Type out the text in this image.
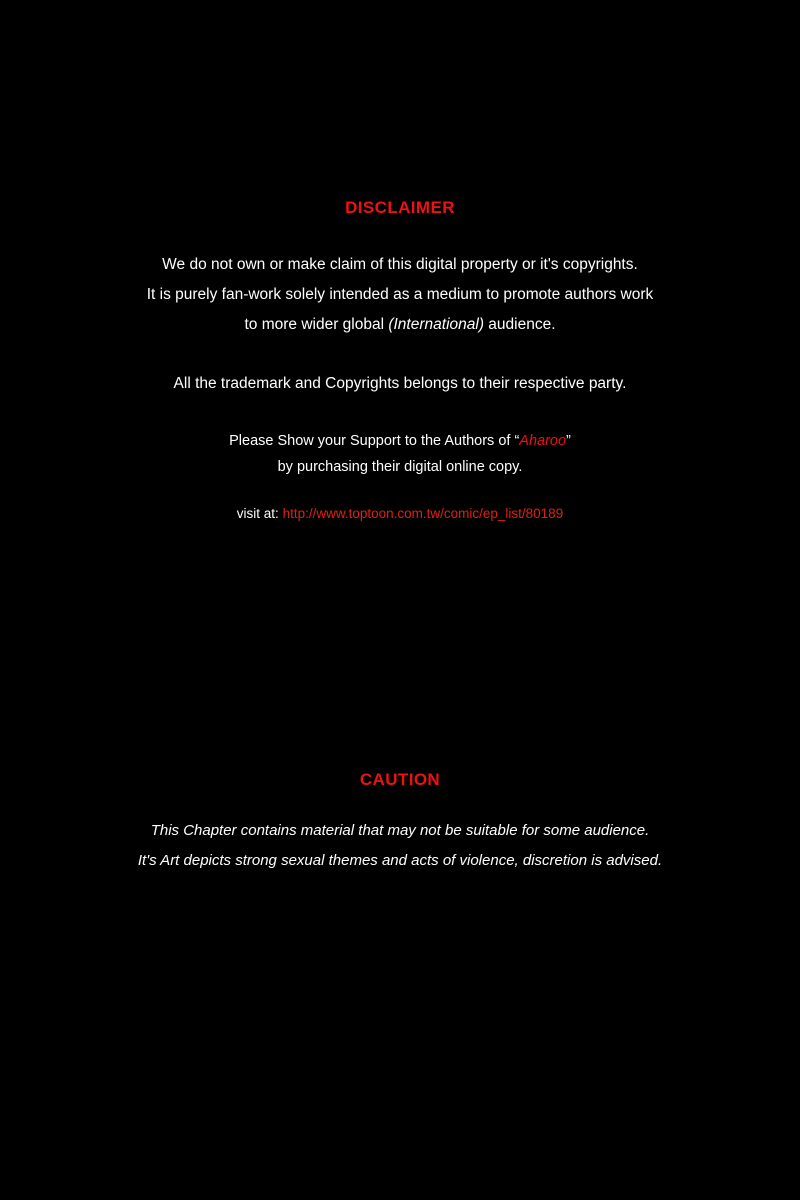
DISCLAIMER

We do not own or make claim of this digital property or it's copyrights.
It is purely fan-work solely intended as a medium to promote authors work
to more wider global (International) audience.

All the trademark and Copyrights belongs to their respective party.

Please Show your Support to the Authors of “Aharoo”
by purchasing their digital online copy.

visit at: http://www.toptoon.com.tw/comic/ep_list/80189

CAUTION

This Chapter contains material that may not be suitable for some audience.

It's Art depicts strong sexual themes and acts of violence, discretion is advised.
